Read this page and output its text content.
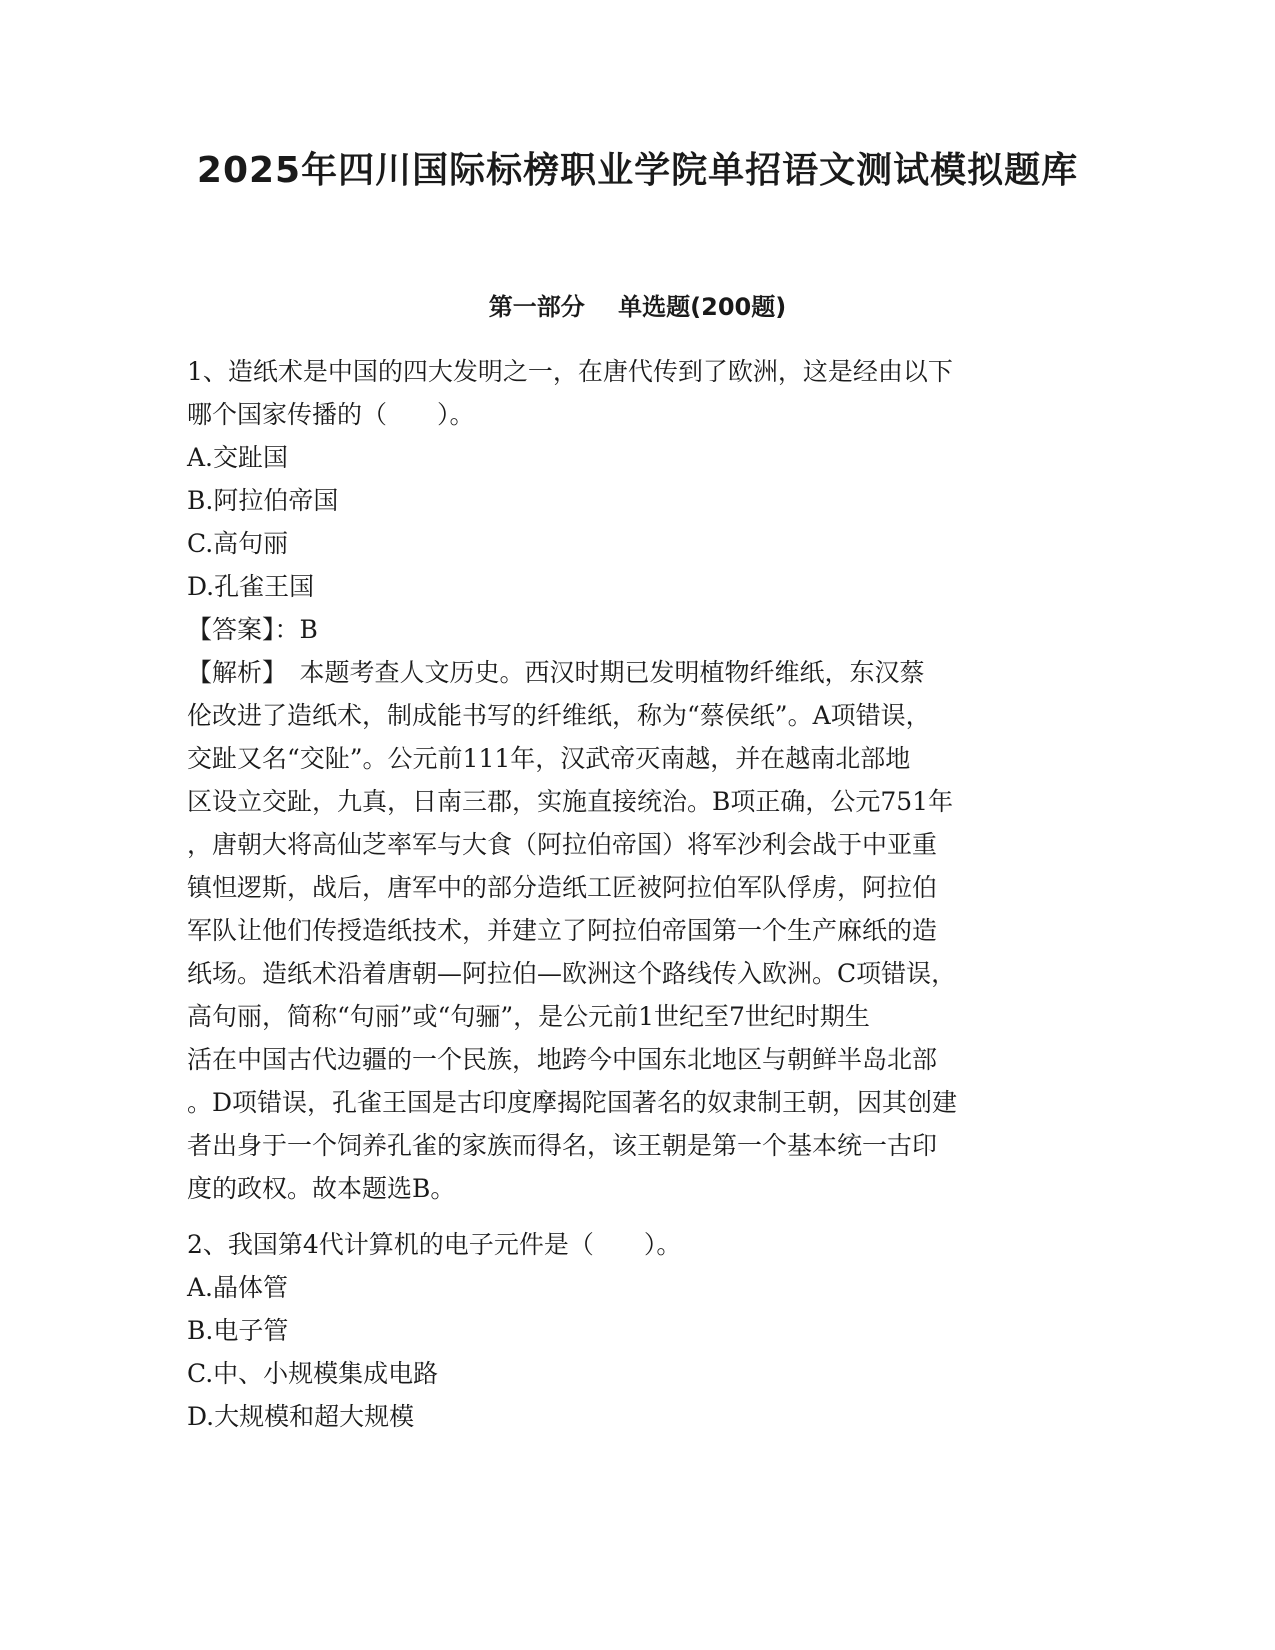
2025年四川国际标榜职业学院单招语文测试模拟题库
第一部分    单选题(200题)
1、造纸术是中国的四大发明之一，在唐代传到了欧洲，这是经由以下
哪个国家传播的（　　）。
A.交趾国
B.阿拉伯帝国
C.高句丽
D.孔雀王国
【答案】：B
【解析】　本题考查人文历史。西汉时期已发明植物纤维纸，东汉蔡
伦改进了造纸术，制成能书写的纤维纸，称为“蔡侯纸”。A项错误，
交趾又名“交阯”。公元前111年，汉武帝灭南越，并在越南北部地
区设立交趾，九真，日南三郡，实施直接统治。B项正确，公元751年
，唐朝大将高仙芝率军与大食（阿拉伯帝国）将军沙利会战于中亚重
镇怛逻斯，战后，唐军中的部分造纸工匠被阿拉伯军队俘虏，阿拉伯
军队让他们传授造纸技术，并建立了阿拉伯帝国第一个生产麻纸的造
纸场。造纸术沿着唐朝—阿拉伯—欧洲这个路线传入欧洲。C项错误，
高句丽，简称“句丽”或“句骊”，是公元前1世纪至7世纪时期生
活在中国古代边疆的一个民族，地跨今中国东北地区与朝鲜半岛北部
。D项错误，孔雀王国是古印度摩揭陀国著名的奴隶制王朝，因其创建
者出身于一个饲养孔雀的家族而得名，该王朝是第一个基本统一古印
度的政权。故本题选B。
2、我国第4代计算机的电子元件是（　　）。
A.晶体管
B.电子管
C.中、小规模集成电路
D.大规模和超大规模
